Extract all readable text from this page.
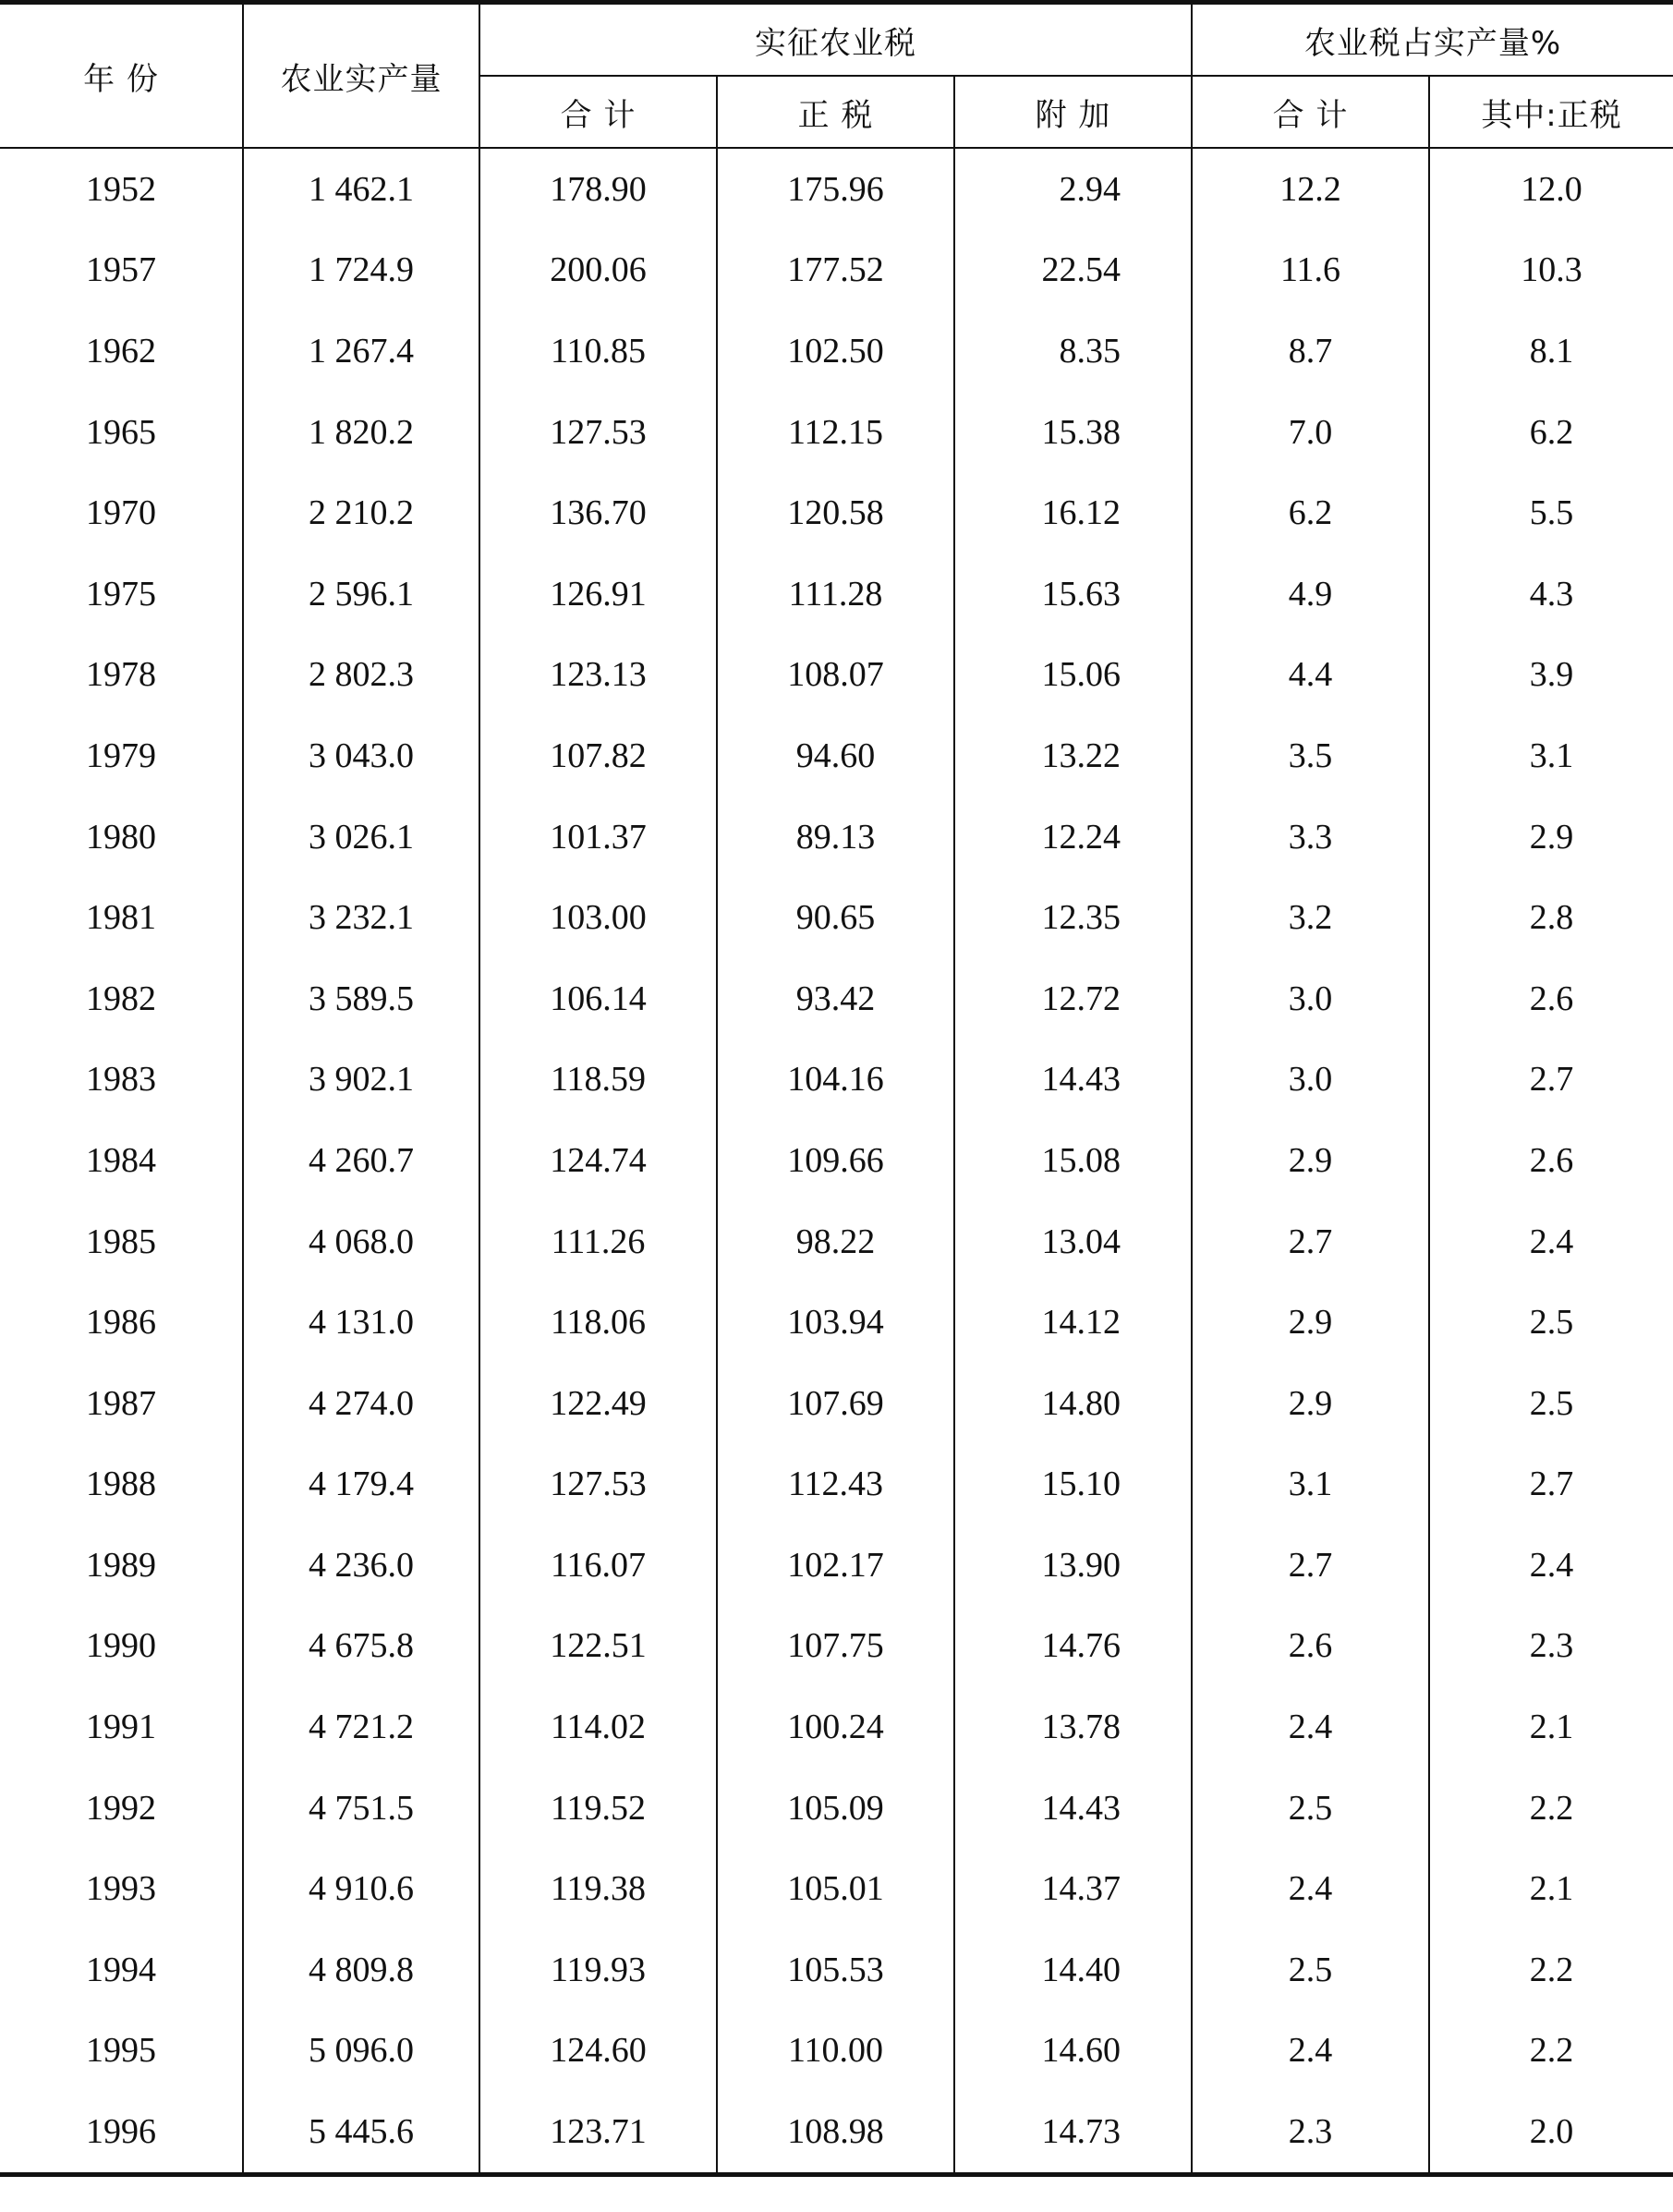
年 份	农业实产量	实征农业税			农业税占实产量%	
		合 计	正 税	附 加	合 计	其中:正税
1952	1 462.1	178.90	175.96	2.94	12.2	12.0
1957	1 724.9	200.06	177.52	22.54	11.6	10.3
1962	1 267.4	110.85	102.50	8.35	8.7	8.1
1965	1 820.2	127.53	112.15	15.38	7.0	6.2
1970	2 210.2	136.70	120.58	16.12	6.2	5.5
1975	2 596.1	126.91	111.28	15.63	4.9	4.3
1978	2 802.3	123.13	108.07	15.06	4.4	3.9
1979	3 043.0	107.82	94.60	13.22	3.5	3.1
1980	3 026.1	101.37	89.13	12.24	3.3	2.9
1981	3 232.1	103.00	90.65	12.35	3.2	2.8
1982	3 589.5	106.14	93.42	12.72	3.0	2.6
1983	3 902.1	118.59	104.16	14.43	3.0	2.7
1984	4 260.7	124.74	109.66	15.08	2.9	2.6
1985	4 068.0	111.26	98.22	13.04	2.7	2.4
1986	4 131.0	118.06	103.94	14.12	2.9	2.5
1987	4 274.0	122.49	107.69	14.80	2.9	2.5
1988	4 179.4	127.53	112.43	15.10	3.1	2.7
1989	4 236.0	116.07	102.17	13.90	2.7	2.4
1990	4 675.8	122.51	107.75	14.76	2.6	2.3
1991	4 721.2	114.02	100.24	13.78	2.4	2.1
1992	4 751.5	119.52	105.09	14.43	2.5	2.2
1993	4 910.6	119.38	105.01	14.37	2.4	2.1
1994	4 809.8	119.93	105.53	14.40	2.5	2.2
1995	5 096.0	124.60	110.00	14.60	2.4	2.2
1996	5 445.6	123.71	108.98	14.73	2.3	2.0
